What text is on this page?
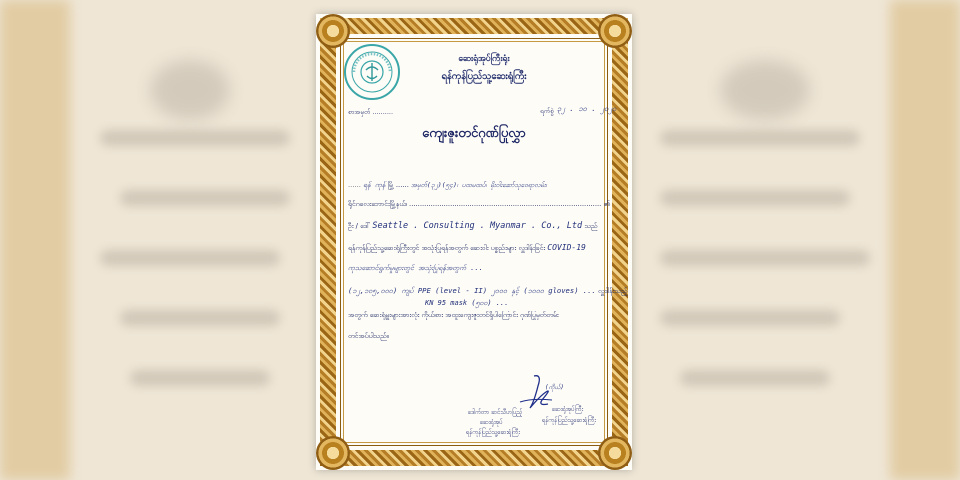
ဆေးရုံအုပ်ကြီးရုံး
ရန်ကုန်ပြည်သူ့ဆေးရုံကြီး
စာအမှတ် ..........	ရက်စွဲ ၃၂ . ၁၀ . ၂၀၂၀
ကျေးဇူးတင်ဂုဏ်ပြုလွှာ
...... ရန် ကုန် မြို့ ...... အမှတ်(၃၂)(၅၄)၊ ပထမထပ်၊ မိုးဝါးဆော်သုဝေရာလမ်း၊
ရိုင်ဂလေးဘောင်းမြို့နယ်၊ ......................................................................................... ၏
ဦး / ဒေါ် Seattle . Consulting . Myanmar . Co., Ltd သည်
ရန်ကုန်ပြည်သူ့ဆေးရုံကြီးတွင် အသုံးပြုရန်အတွက် ဆေးဝါး ပစ္စည်းများ လှူဒါန်းခြင်း COVID-19
ကုသဆောင်ရွက်မှုများတွင် အသုံးပြုရန်အတွက် ...
(၁၂,၁၀၅,၀၀၀) ကျပ် PPE (level - II) ၂၀၀၀ နှင့် (၁၀၀၀ gloves) ... လှူဒါန်းသည့်
KN 95 mask (၅၀၀) ...
အတွက် ဆေးရုံမှူးများအားလုံး ကိုယ်စား အထူးကျေးဇူးတင်ရှိပါကြောင်း ဂုဏ်ပြုမှတ်တမ်း
တင်အပ်ပါသည်။
(ကိုယ်)
ဆေးရုံအုပ်ကြီး
ရန်ကုန်ပြည်သူ့ဆေးရုံကြီး
ဒေါက်တာ ဆင်သီဟပြည့်
ဆေးရုံအုပ်
ရန်ကုန်ပြည်သူ့ဆေးရုံကြီး
